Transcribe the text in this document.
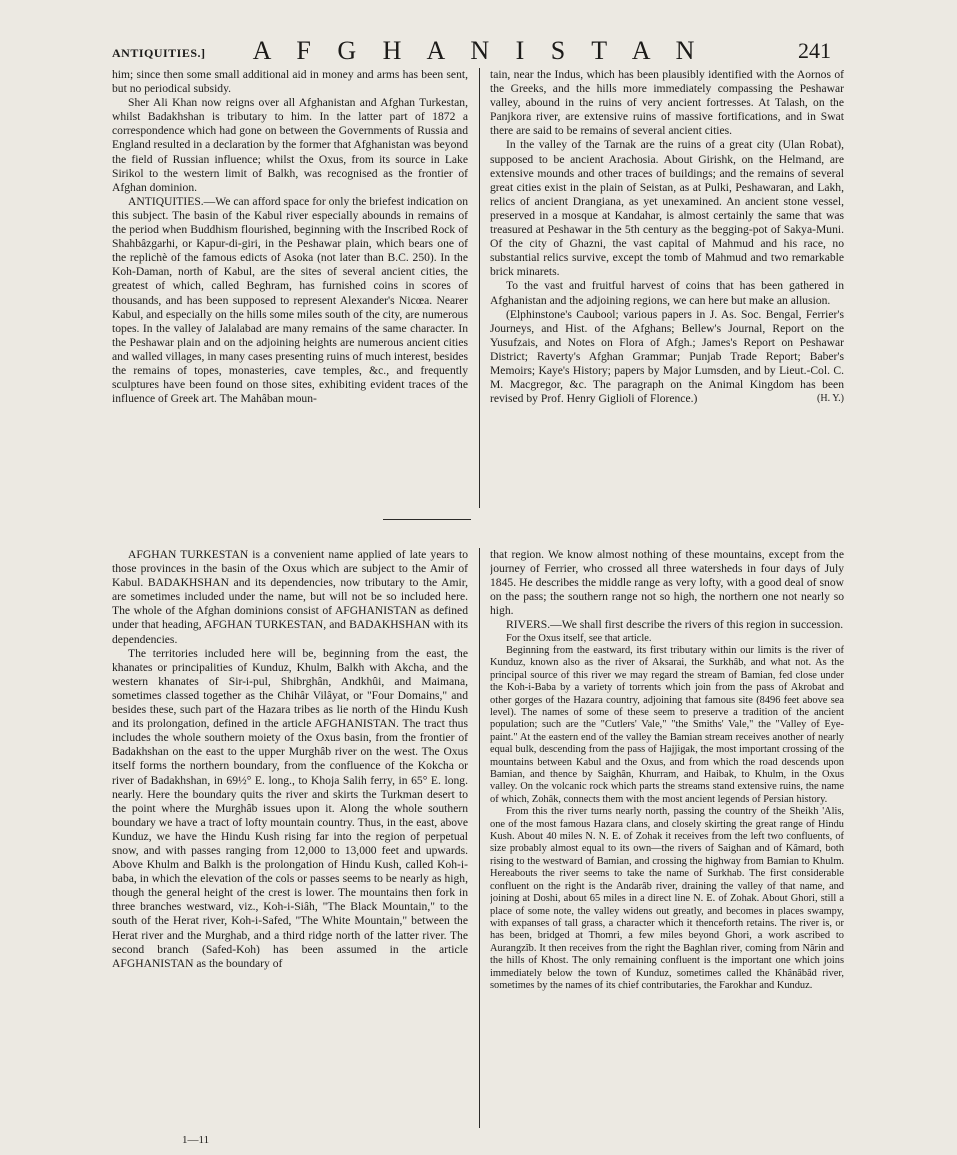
ANTIQUITIES.]	A F G H A N I S T A N	241

him; since then some small additional aid in money and arms has been sent, but no periodical subsidy.

Sher Ali Khan now reigns over all Afghanistan and Afghan Turkestan, whilst Badakhshan is tributary to him. In the latter part of 1872 a correspondence which had gone on between the Governments of Russia and England resulted in a declaration by the former that Afghanistan was beyond the field of Russian influence; whilst the Oxus, from its source in Lake Sirikol to the western limit of Balkh, was recognised as the frontier of Afghan dominion.

ANTIQUITIES.—We can afford space for only the briefest indication on this subject. The basin of the Kabul river especially abounds in remains of the period when Buddhism flourished, beginning with the Inscribed Rock of Shahbâzgarhi, or Kapur-di-giri, in the Peshawar plain, which bears one of the replichè of the famous edicts of Asoka (not later than B.C. 250). In the Koh-Daman, north of Kabul, are the sites of several ancient cities, the greatest of which, called Beghram, has furnished coins in scores of thousands, and has been supposed to represent Alexander's Nicœa. Nearer Kabul, and especially on the hills some miles south of the city, are numerous topes. In the valley of Jalalabad are many remains of the same character. In the Peshawar plain and on the adjoining heights are numerous ancient cities and walled villages, in many cases presenting ruins of much interest, besides the remains of topes, monasteries, cave temples, &c., and frequently sculptures have been found on those sites, exhibiting evident traces of the influence of Greek art. The Mahâban moun-

tain, near the Indus, which has been plausibly identified with the Aornos of the Greeks, and the hills more immediately compassing the Peshawar valley, abound in the ruins of very ancient fortresses. At Talash, on the Panjkora river, are extensive ruins of massive fortifications, and in Swat there are said to be remains of several ancient cities.

In the valley of the Tarnak are the ruins of a great city (Ulan Robat), supposed to be ancient Arachosia. About Girishk, on the Helmand, are extensive mounds and other traces of buildings; and the remains of several great cities exist in the plain of Seistan, as at Pulki, Peshawaran, and Lakh, relics of ancient Drangiana, as yet unexamined. An ancient stone vessel, preserved in a mosque at Kandahar, is almost certainly the same that was treasured at Peshawar in the 5th century as the begging-pot of Sakya-Muni. Of the city of Ghazni, the vast capital of Mahmud and his race, no substantial relics survive, except the tomb of Mahmud and two remarkable brick minarets.

To the vast and fruitful harvest of coins that has been gathered in Afghanistan and the adjoining regions, we can here but make an allusion.

(Elphinstone's Caubool; various papers in J. As. Soc. Bengal, Ferrier's Journeys, and Hist. of the Afghans; Bellew's Journal, Report on the Yusufzais, and Notes on Flora of Afgh.; James's Report on Peshawar District; Raverty's Afghan Grammar; Punjab Trade Report; Baber's Memoirs; Kaye's History; papers by Major Lumsden, and by Lieut.-Col. C. M. Macgregor, &c. The paragraph on the Animal Kingdom has been revised by Prof. Henry Giglioli of Florence.)	(H. Y.)

AFGHAN TURKESTAN is a convenient name applied of late years to those provinces in the basin of the Oxus which are subject to the Amir of Kabul. BADAKHSHAN and its dependencies, now tributary to the Amir, are sometimes included under the name, but will not be so included here. The whole of the Afghan dominions consist of AFGHANISTAN as defined under that heading, AFGHAN TURKESTAN, and BADAKHSHAN with its dependencies.

The territories included here will be, beginning from the east, the khanates or principalities of Kunduz, Khulm, Balkh with Akcha, and the western khanates of Sir-i-pul, Shibrghân, Andkhûi, and Maimana, sometimes classed together as the Chihâr Vilâyat, or "Four Domains," and besides these, such part of the Hazara tribes as lie north of the Hindu Kush and its prolongation, defined in the article AFGHANISTAN. The tract thus includes the whole southern moiety of the Oxus basin, from the frontier of Badakhshan on the east to the upper Murghâb river on the west. The Oxus itself forms the northern boundary, from the confluence of the Kokcha or river of Badakhshan, in 69½° E. long., to Khoja Salih ferry, in 65° E. long. nearly. Here the boundary quits the river and skirts the Turkman desert to the point where the Murghâb issues upon it. Along the whole southern boundary we have a tract of lofty mountain country. Thus, in the east, above Kunduz, we have the Hindu Kush rising far into the region of perpetual snow, and with passes ranging from 12,000 to 13,000 feet and upwards. Above Khulm and Balkh is the prolongation of Hindu Kush, called Koh-i-baba, in which the elevation of the cols or passes seems to be nearly as high, though the general height of the crest is lower. The mountains then fork in three branches westward, viz., Koh-i-Siâh, "The Black Mountain," to the south of the Herat river, Koh-i-Safed, "The White Mountain," between the Herat river and the Murghab, and a third ridge north of the latter river. The second branch (Safed-Koh) has been assumed in the article AFGHANISTAN as the boundary of

that region. We know almost nothing of these mountains, except from the journey of Ferrier, who crossed all three watersheds in four days of July 1845. He describes the middle range as very lofty, with a good deal of snow on the pass; the southern range not so high, the northern one not nearly so high.

RIVERS.—We shall first describe the rivers of this region in succession.

For the Oxus itself, see that article.

Beginning from the eastward, its first tributary within our limits is the river of Kunduz, known also as the river of Aksarai, the Surkhâb, and what not. As the principal source of this river we may regard the stream of Bamian, fed close under the Koh-i-Baba by a variety of torrents which join from the pass of Akrobat and other gorges of the Hazara country, adjoining that famous site (8496 feet above sea level). The names of some of these seem to preserve a tradition of the ancient population; such are the "Cutlers' Vale," "the Smiths' Vale," the "Valley of Eye-paint." At the eastern end of the valley the Bamian stream receives another of nearly equal bulk, descending from the pass of Hajjigak, the most important crossing of the mountains between Kabul and the Oxus, and from which the road descends upon Bamian, and thence by Saighân, Khurram, and Haibak, to Khulm, in the Oxus valley. On the volcanic rock which parts the streams stand extensive ruins, the name of which, Zohâk, connects them with the most ancient legends of Persian history.

From this the river turns nearly north, passing the country of the Sheikh 'Alis, one of the most famous Hazara clans, and closely skirting the great range of Hindu Kush. About 40 miles N. N. E. of Zohak it receives from the left two confluents, of size probably almost equal to its own—the rivers of Saighan and of Kâmard, both rising to the westward of Bamian, and crossing the highway from Bamian to Khulm. Hereabouts the river seems to take the name of Surkhab. The first considerable confluent on the right is the Andarâb river, draining the valley of that name, and joining at Doshi, about 65 miles in a direct line N. E. of Zohak. About Ghori, still a place of some note, the valley widens out greatly, and becomes in places swampy, with expanses of tall grass, a character which it thenceforth retains. The river is, or has been, bridged at Thomri, a few miles beyond Ghori, a work ascribed to Aurangzîb. It then receives from the right the Baghlan river, coming from Nârin and the hills of Khost. The only remaining confluent is the important one which joins immediately below the town of Kunduz, sometimes called the Khânâbâd river, sometimes by the names of its chief contributaries, the Farokhar and Kunduz.

1—11
